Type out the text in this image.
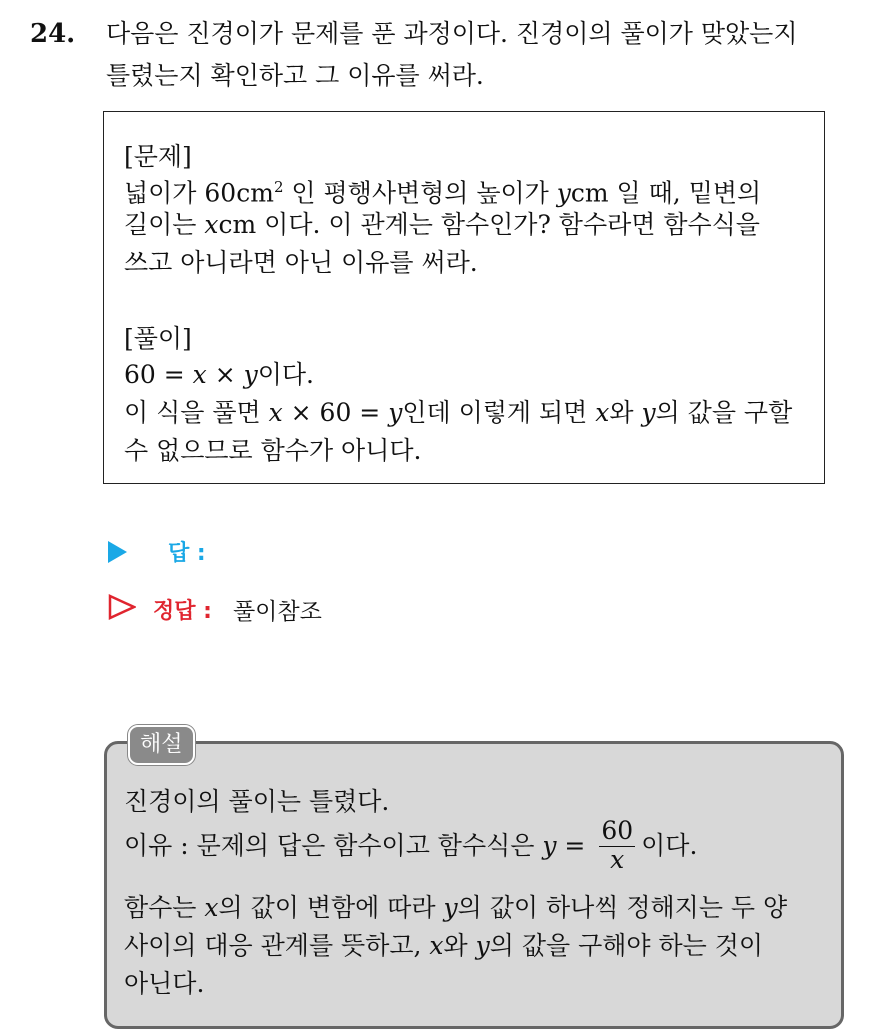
24. 다음은 진경이가 문제를 푼 과정이다. 진경이의 풀이가 맞았는지
틀렸는지 확인하고 그 이유를 써라.
[문제]
넓이가 $60cm^2$ 인 평행사변형의 높이가 ycm 일 때, 밑변의
길이는 xcm 이다. 이 관계는 함수인가? 함수라면 함수식을
쓰고 아니라면 아닌 이유를 써라.
[풀이]
60 = x × y이다.
이 식을 풀면 x × 60 = y인데 이렇게 되면 x와 y의 값을 구할
수 없으므로 함수가 아니다.
답 :
정답 : 풀이참조
해설
진경이의 풀이는 틀렸다.
이유 : 문제의 답은 함수이고 함수식은 $y = \frac{60}{x}$ 이다.
함수는 x의 값이 변함에 따라 y의 값이 하나씩 정해지는 두 양
사이의 대응 관계를 뜻하고, x와 y의 값을 구해야 하는 것이
아닌다.
